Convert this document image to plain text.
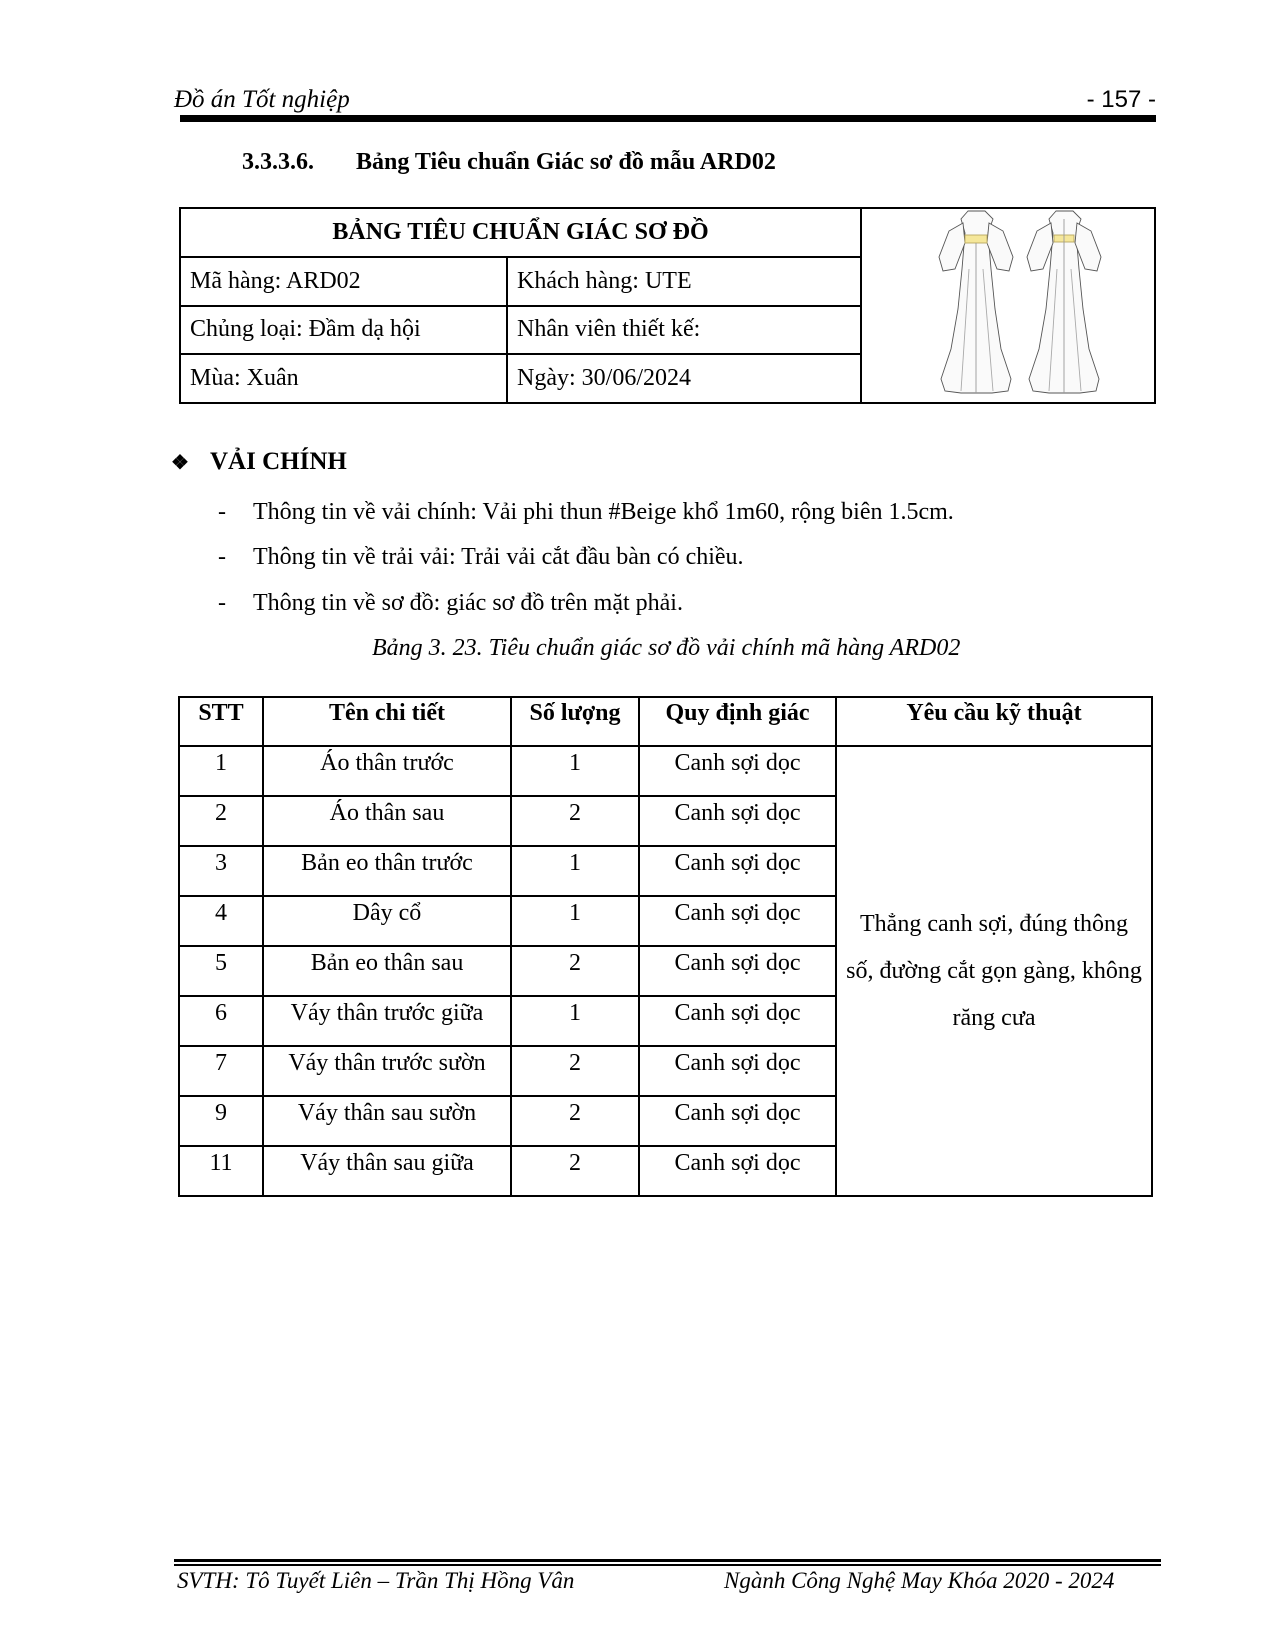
Đồ án Tốt nghiệp	- 157 -
3.3.3.6. Bảng Tiêu chuẩn Giác sơ đồ mẫu ARD02
BẢNG TIÊU CHUẨN GIÁC SƠ ĐỒ	
Mã hàng: ARD02	Khách hàng: UTE	
Chủng loại: Đầm dạ hội	Nhân viên thiết kế:	
Mùa: Xuân	Ngày: 30/06/2024	
❖ VẢI CHÍNH
- Thông tin về vải chính: Vải phi thun #Beige khổ 1m60, rộng biên 1.5cm.
- Thông tin về trải vải: Trải vải cắt đầu bàn có chiều.
- Thông tin về sơ đồ: giác sơ đồ trên mặt phải.
Bảng 3. 23. Tiêu chuẩn giác sơ đồ vải chính mã hàng ARD02
STT	Tên chi tiết	Số lượng	Quy định giác	Yêu cầu kỹ thuật
1	Áo thân trước	1	Canh sợi dọc	Thẳng canh sợi, đúng thông số, đường cắt gọn gàng, không răng cưa
2	Áo thân sau	2	Canh sợi dọc	
3	Bản eo thân trước	1	Canh sợi dọc	
4	Dây cổ	1	Canh sợi dọc	
5	Bản eo thân sau	2	Canh sợi dọc	
6	Váy thân trước giữa	1	Canh sợi dọc	
7	Váy thân trước sườn	2	Canh sợi dọc	
9	Váy thân sau sườn	2	Canh sợi dọc	
11	Váy thân sau giữa	2	Canh sợi dọc	
SVTH: Tô Tuyết Liên – Trần Thị Hồng Vân	Ngành Công Nghệ May Khóa 2020 - 2024
